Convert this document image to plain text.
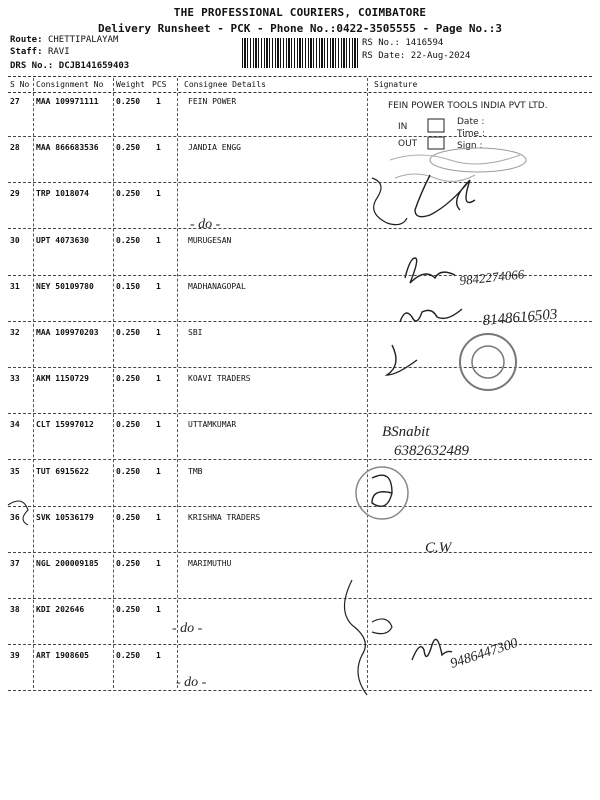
THE PROFESSIONAL COURIERS, COIMBATORE
Delivery Runsheet - PCK - Phone No.:0422-3505555 - Page No.:3
Route: CHETTIPALAYAM
Staff: RAVI
DRS No.: DCJB141659403
RS No.: 1416594
RS Date: 22-Aug-2024
S No Consignment No Weight PCS Consignee Details	Signature
27 MAA 109971111 0.250 1	FEIN POWER
28 MAA 866683536 0.250 1	JANDIA ENGG
29 TRP 1018074	0.250 1
30 UPT 4073630	0.250 1	MURUGESAN
31 NEY 50109780	0.150 1	MADHANAGOPAL
32 MAA 109970203 0.250 1	SBI
33 AKM 1150729	0.250 1	KOAVI TRADERS
34 CLT 15997012	0.250 1	UTTAMKUMAR
35 TUT 6915622	0.250 1	TMB
36 SVK 10536179	0.250 1	KRISHNA TRADERS
37 NGL 200009185 0.250 1	MARIMUTHU
38 KDI 202646	0.250 1
39 ART 1908605	0.250 1
FEIN POWER TOOLS INDIA PVT LTD.
IN
OUT
Date :
Time :
Sign :
- do -
9842274066
8148616503
BSnabit
6382632489
C.W
- do -
9486447300
- do -
